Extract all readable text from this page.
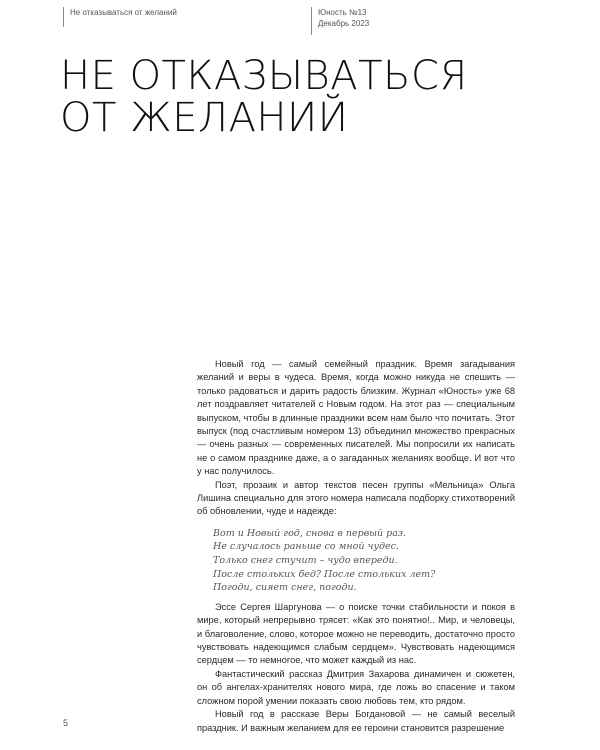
Не отказываться от желаний	Юность №13
Декабрь 2023
НЕ ОТКАЗЫВАТЬСЯ
ОТ ЖЕЛАНИЙ

Новый год — самый семейный праздник. Время загадывания желаний и веры в чудеса. Время, когда можно никуда не спешить — только радоваться и дарить радость близким. Журнал «Юность» уже 68 лет поздравляет читателей с Новым годом. На этот раз — специальным выпуском, чтобы в длинные праздники всем нам было что почитать. Этот выпуск (под счастливым номером 13) объединил множество прекрасных — очень разных — современных писателей. Мы попросили их написать не о самом празднике даже, а о загаданных желаниях вообще. И вот что у нас получилось.

Поэт, прозаик и автор текстов песен группы «Мельница» Ольга Лишина специально для этого номера написала подборку стихотворений об обновлении, чуде и надежде:

Вот и Новый год, снова в первый раз.
Не случалось раньше со мной чудес.
Только снег стучит – чудо впереди.
После стольких бед? После стольких лет?
Погоди, сияет снег, погоди.

Эссе Сергея Шаргунова — о поиске точки стабильности и покоя в мире, который непрерывно трясет: «Как это понятно!.. Мир, и человецы, и благоволение, слово, которое можно не переводить, достаточно просто чувствовать надеющимся слабым сердцем». Чувствовать надеющимся сердцем — то немногое, что может каждый из нас.

Фантастический рассказ Дмитрия Захарова динамичен и сюжетен, он об ангелах-хранителях нового мира, где ложь во спасение и таком сложном порой умении показать свою любовь тем, кто рядом.

Новый год в рассказе Веры Богдановой — не самый веселый праздник. И важным желанием для ее героини становится разрешение

5
